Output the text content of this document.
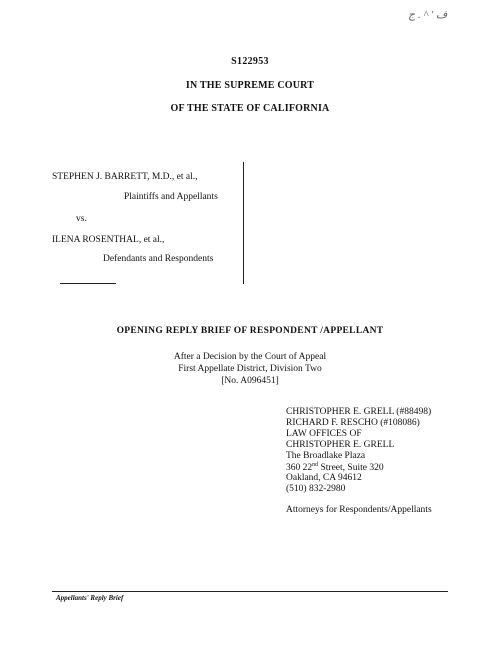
ف ' ^ . ج
S122953
IN THE SUPREME COURT
OF THE STATE OF CALIFORNIA
STEPHEN J. BARRETT, M.D., et al.,
Plaintiffs and Appellants
vs.
ILENA ROSENTHAL, et al.,
Defendants and Respondents
OPENING REPLY BRIEF OF RESPONDENT /APPELLANT
After a Decision by the Court of Appeal
First Appellate District, Division Two
[No. A096451]
CHRISTOPHER E. GRELL (#88498)
RICHARD F. RESCHO (#108086)
LAW OFFICES OF
CHRISTOPHER E. GRELL
The Broadlake Plaza
360 22nd Street, Suite 320
Oakland, CA 94612
(510) 832-2980
Attorneys for Respondents/Appellants
Appellants' Reply Brief
